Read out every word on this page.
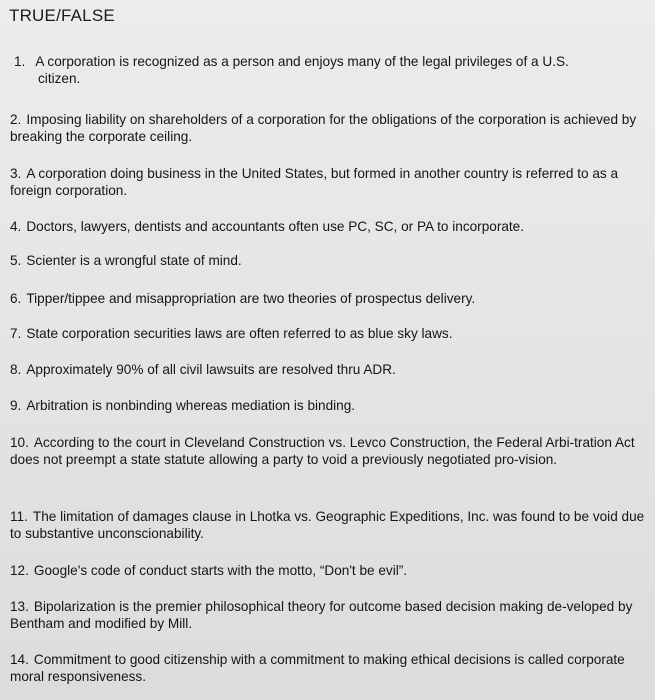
TRUE/FALSE
1. A corporation is recognized as a person and enjoys many of the legal privileges of a U.S.
citizen.
2. Imposing liability on shareholders of a corporation for the obligations of the corporation is achieved by breaking the corporate ceiling.
3. A corporation doing business in the United States, but formed in another country is referred to as a foreign corporation.
4. Doctors, lawyers, dentists and accountants often use PC, SC, or PA to incorporate.
5. Scienter is a wrongful state of mind.
6. Tipper/tippee and misappropriation are two theories of prospectus delivery.
7. State corporation securities laws are often referred to as blue sky laws.
8. Approximately 90% of all civil lawsuits are resolved thru ADR.
9. Arbitration is nonbinding whereas mediation is binding.
10. According to the court in Cleveland Construction vs. Levco Construction, the Federal Arbi-tration Act does not preempt a state statute allowing a party to void a previously negotiated pro-vision.
11. The limitation of damages clause in Lhotka vs. Geographic Expeditions, Inc. was found to be void due to substantive unconscionability.
12. Google's code of conduct starts with the motto, “Don't be evil”.
13. Bipolarization is the premier philosophical theory for outcome based decision making de-veloped by Bentham and modified by Mill.
14. Commitment to good citizenship with a commitment to making ethical decisions is called corporate moral responsiveness.
